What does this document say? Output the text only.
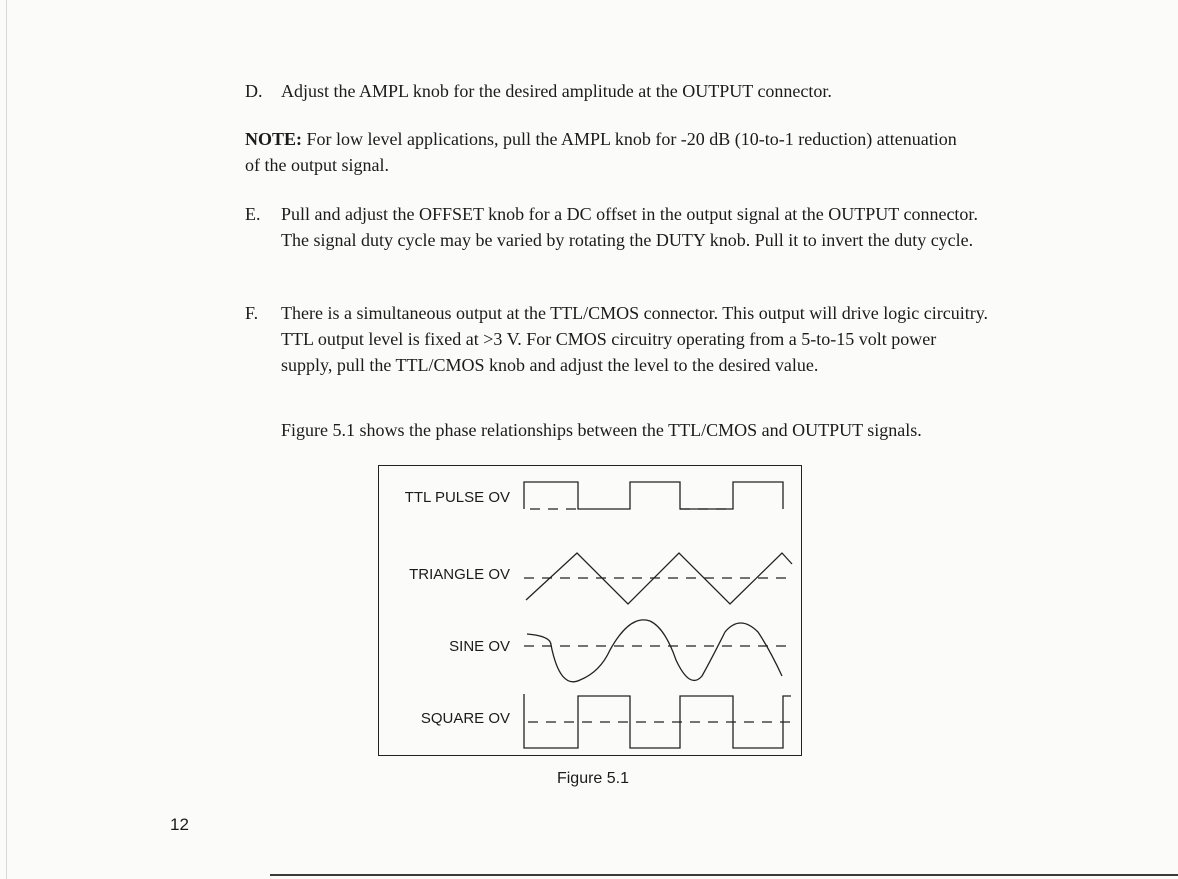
D. Adjust the AMPL knob for the desired amplitude at the OUTPUT connector.

NOTE: For low level applications, pull the AMPL knob for -20 dB (10-to-1 reduction) attenuation of the output signal.

E. Pull and adjust the OFFSET knob for a DC offset in the output signal at the OUTPUT connector. The signal duty cycle may be varied by rotating the DUTY knob. Pull it to invert the duty cycle.

F. There is a simultaneous output at the TTL/CMOS connector. This output will drive logic circuitry. TTL output level is fixed at >3 V. For CMOS circuitry operating from a 5-to-15 volt power supply, pull the TTL/CMOS knob and adjust the level to the desired value.

Figure 5.1 shows the phase relationships between the TTL/CMOS and OUTPUT signals.

TTL PULSE OV
TRIANGLE OV
SINE OV
SQUARE OV
Figure 5.1
12
